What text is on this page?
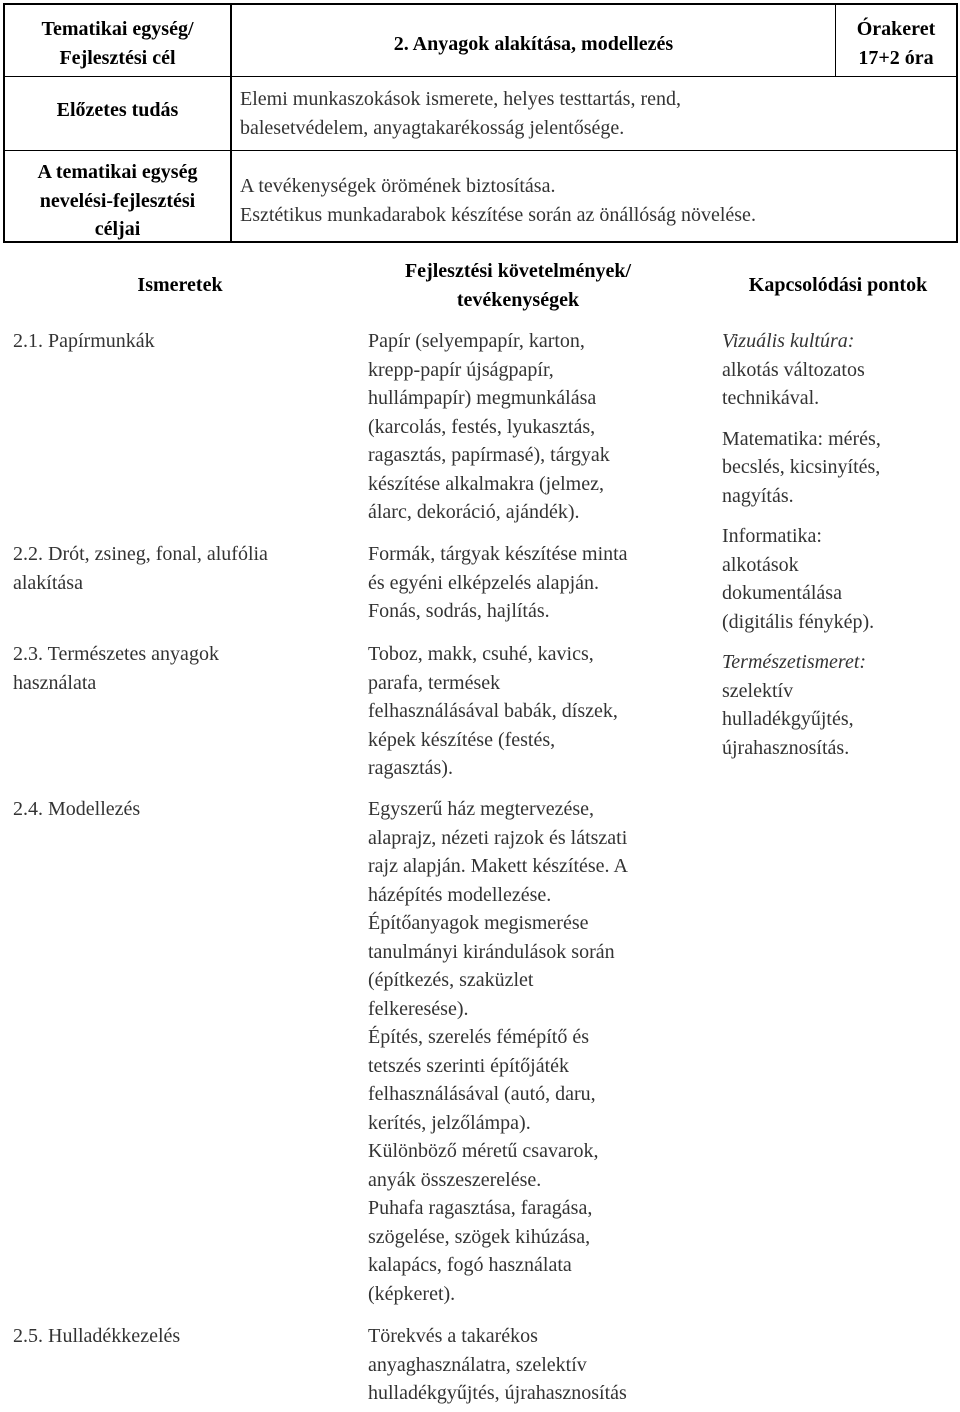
Tematikai egység/
Fejlesztési cél
2. Anyagok alakítása, modellezés
Órakeret
17+2 óra
Előzetes tudás	Elemi munkaszokások ismerete, helyes testtartás, rend,
balesetvédelem, anyagtakarékosság jelentősége.
A tematikai egység
nevelési-fejlesztési
céljai
A tevékenységek örömének biztosítása.
Esztétikus munkadarabok készítése során az önállóság növelése.
Ismeretek
Fejlesztési követelmények/
tevékenységek
Kapcsolódási pontok
2.1. Papírmunkák
2.2. Drót, zsineg, fonal, alufólia
alakítása
2.3. Természetes anyagok
használata
2.4. Modellezés
2.5. Hulladékkezelés
Papír (selyempapír, karton,
krepp-papír újságpapír,
hullámpapír) megmunkálása
(karcolás, festés, lyukasztás,
ragasztás, papírmasé), tárgyak
készítése alkalmakra (jelmez,
álarc, dekoráció, ajándék).
Formák, tárgyak készítése minta
és egyéni elképzelés alapján.
Fonás, sodrás, hajlítás.
Toboz, makk, csuhé, kavics,
parafa, termések
felhasználásával babák, díszek,
képek készítése (festés,
ragasztás).
Egyszerű ház megtervezése,
alaprajz, nézeti rajzok és látszati
rajz alapján. Makett készítése. A
házépítés modellezése.
Építőanyagok megismerése
tanulmányi kirándulások során
(építkezés, szaküzlet
felkeresése).
Építés, szerelés fémépítő és
tetszés szerinti építőjáték
felhasználásával (autó, daru,
kerítés, jelzőlámpa).
Különböző méretű csavarok,
anyák összeszerelése.
Puhafa ragasztása, faragása,
szögelése, szögek kihúzása,
kalapács, fogó használata
(képkeret).
Törekvés a takarékos
anyaghasználatra, szelektív
hulladékgyűjtés, újrahasznosítás
Vizuális kultúra:
alkotás változatos
technikával.
Matematika: mérés,
becslés, kicsinyítés,
nagyítás.
Informatika:
alkotások
dokumentálása
(digitális fénykép).
Természetismeret:
szelektív
hulladékgyűjtés,
újrahasznosítás.
